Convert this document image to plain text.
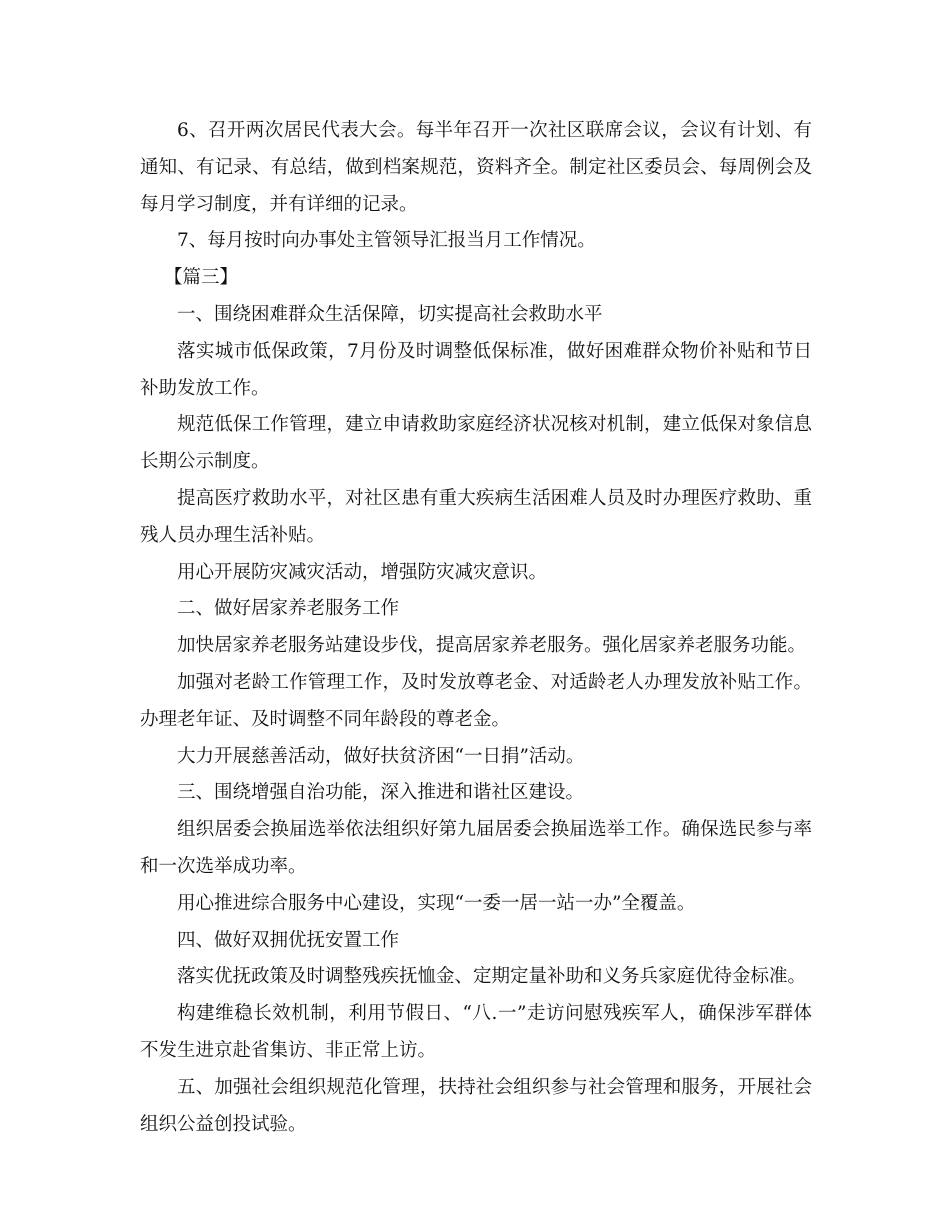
6、召开两次居民代表大会。每半年召开一次社区联席会议，会议有计划、有通知、有记录、有总结，做到档案规范，资料齐全。制定社区委员会、每周例会及每月学习制度，并有详细的记录。

7、每月按时向办事处主管领导汇报当月工作情况。

【篇三】

一、围绕困难群众生活保障，切实提高社会救助水平

落实城市低保政策，7月份及时调整低保标准，做好困难群众物价补贴和节日补助发放工作。

规范低保工作管理，建立申请救助家庭经济状况核对机制，建立低保对象信息长期公示制度。

提高医疗救助水平，对社区患有重大疾病生活困难人员及时办理医疗救助、重残人员办理生活补贴。

用心开展防灾减灾活动，增强防灾减灾意识。

二、做好居家养老服务工作

加快居家养老服务站建设步伐，提高居家养老服务。强化居家养老服务功能。

加强对老龄工作管理工作，及时发放尊老金、对适龄老人办理发放补贴工作。办理老年证、及时调整不同年龄段的尊老金。

大力开展慈善活动，做好扶贫济困“一日捐”活动。

三、围绕增强自治功能，深入推进和谐社区建设。

组织居委会换届选举依法组织好第九届居委会换届选举工作。确保选民参与率和一次选举成功率。

用心推进综合服务中心建设，实现“一委一居一站一办”全覆盖。

四、做好双拥优抚安置工作

落实优抚政策及时调整残疾抚恤金、定期定量补助和义务兵家庭优待金标准。

构建维稳长效机制，利用节假日、“八.一”走访问慰残疾军人，确保涉军群体不发生进京赴省集访、非正常上访。

五、加强社会组织规范化管理，扶持社会组织参与社会管理和服务，开展社会组织公益创投试验。
